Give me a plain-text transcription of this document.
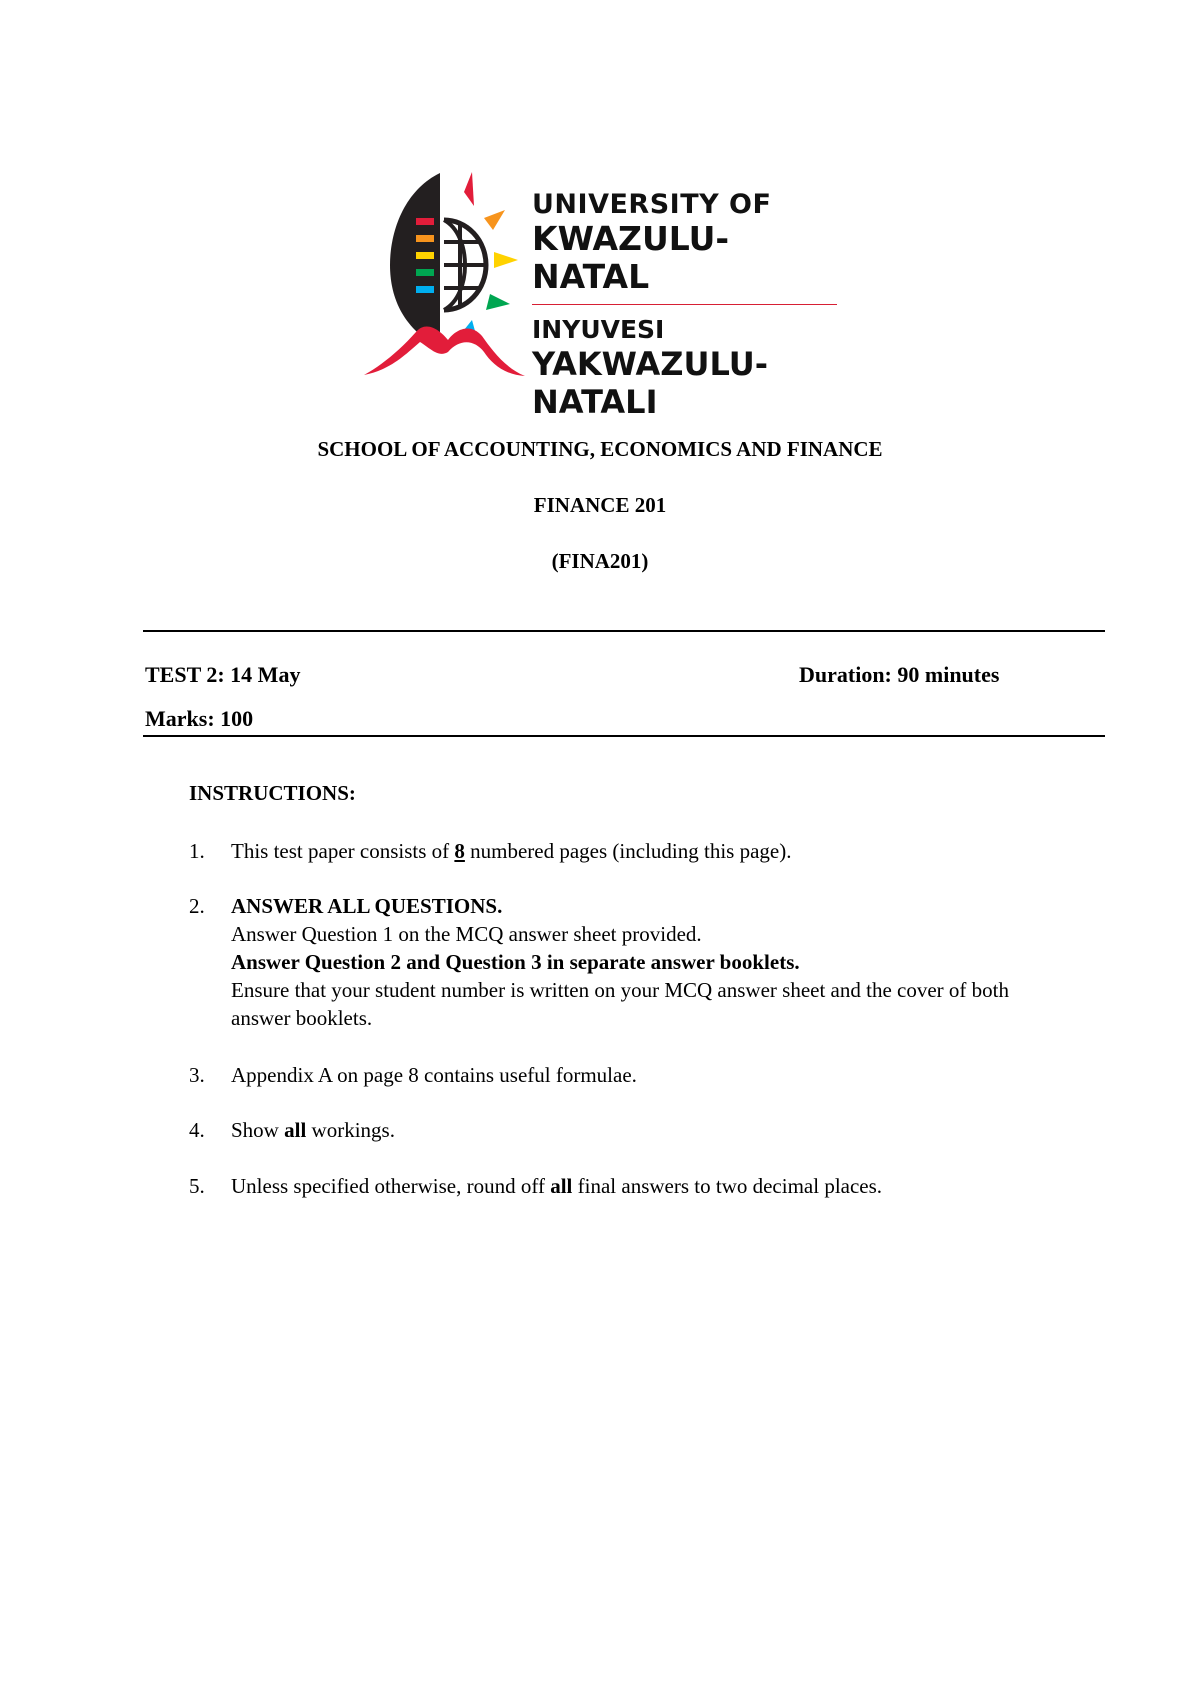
UNIVERSITY OF
KWAZULU-NATAL
INYUVESI
YAKWAZULU-NATALI
SCHOOL OF ACCOUNTING, ECONOMICS AND FINANCE
FINANCE 201
(FINA201)
TEST 2: 14 May	Duration: 90 minutes
Marks: 100
INSTRUCTIONS:
1. This test paper consists of 8 numbered pages (including this page).
2. ANSWER ALL QUESTIONS.
Answer Question 1 on the MCQ answer sheet provided.
Answer Question 2 and Question 3 in separate answer booklets.
Ensure that your student number is written on your MCQ answer sheet and the cover of both answer booklets.
3. Appendix A on page 8 contains useful formulae.
4. Show all workings.
5. Unless specified otherwise, round off all final answers to two decimal places.
